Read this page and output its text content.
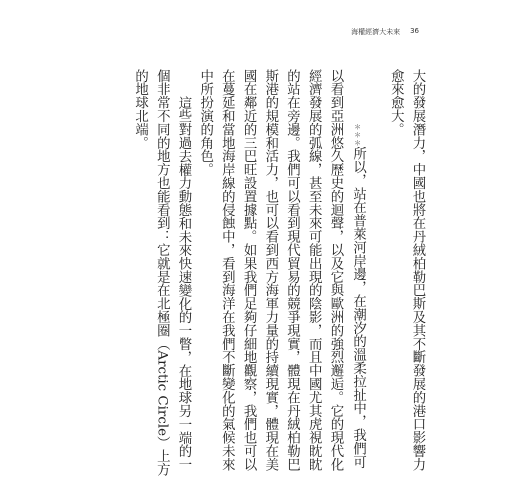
海權經濟大未來 36

大的發展潛力，中國也將在丹絨柏勒巴斯及其不斷發展的港口影響力愈來愈大。

＊＊＊所以，站在普萊河岸邊，在潮汐的溫柔拉扯中，我們可以看到亞洲悠久歷史的迴聲，以及它與歐洲的強烈邂逅。它的現代化經濟發展的弧線，甚至未來可能出現的陰影，而且中國尤其虎視眈眈的站在旁邊。我們可以看到現代貿易的競爭現實，體現在丹絨柏勒巴斯港的規模和活力，也可以看到西方海軍力量的持續現實，體現在美國在鄰近的三巴旺設置據點。如果我們足夠仔細地觀察，我們也可以在蔓延和當地海岸線的侵蝕中，看到海洋在我們不斷變化的氣候未來中所扮演的角色。

這些對過去權力動態和未來快速變化的一瞥，在地球另一端的一個非常不同的地方也能看到：它就是在北極圈（Arctic Circle）上方的地球北端。
